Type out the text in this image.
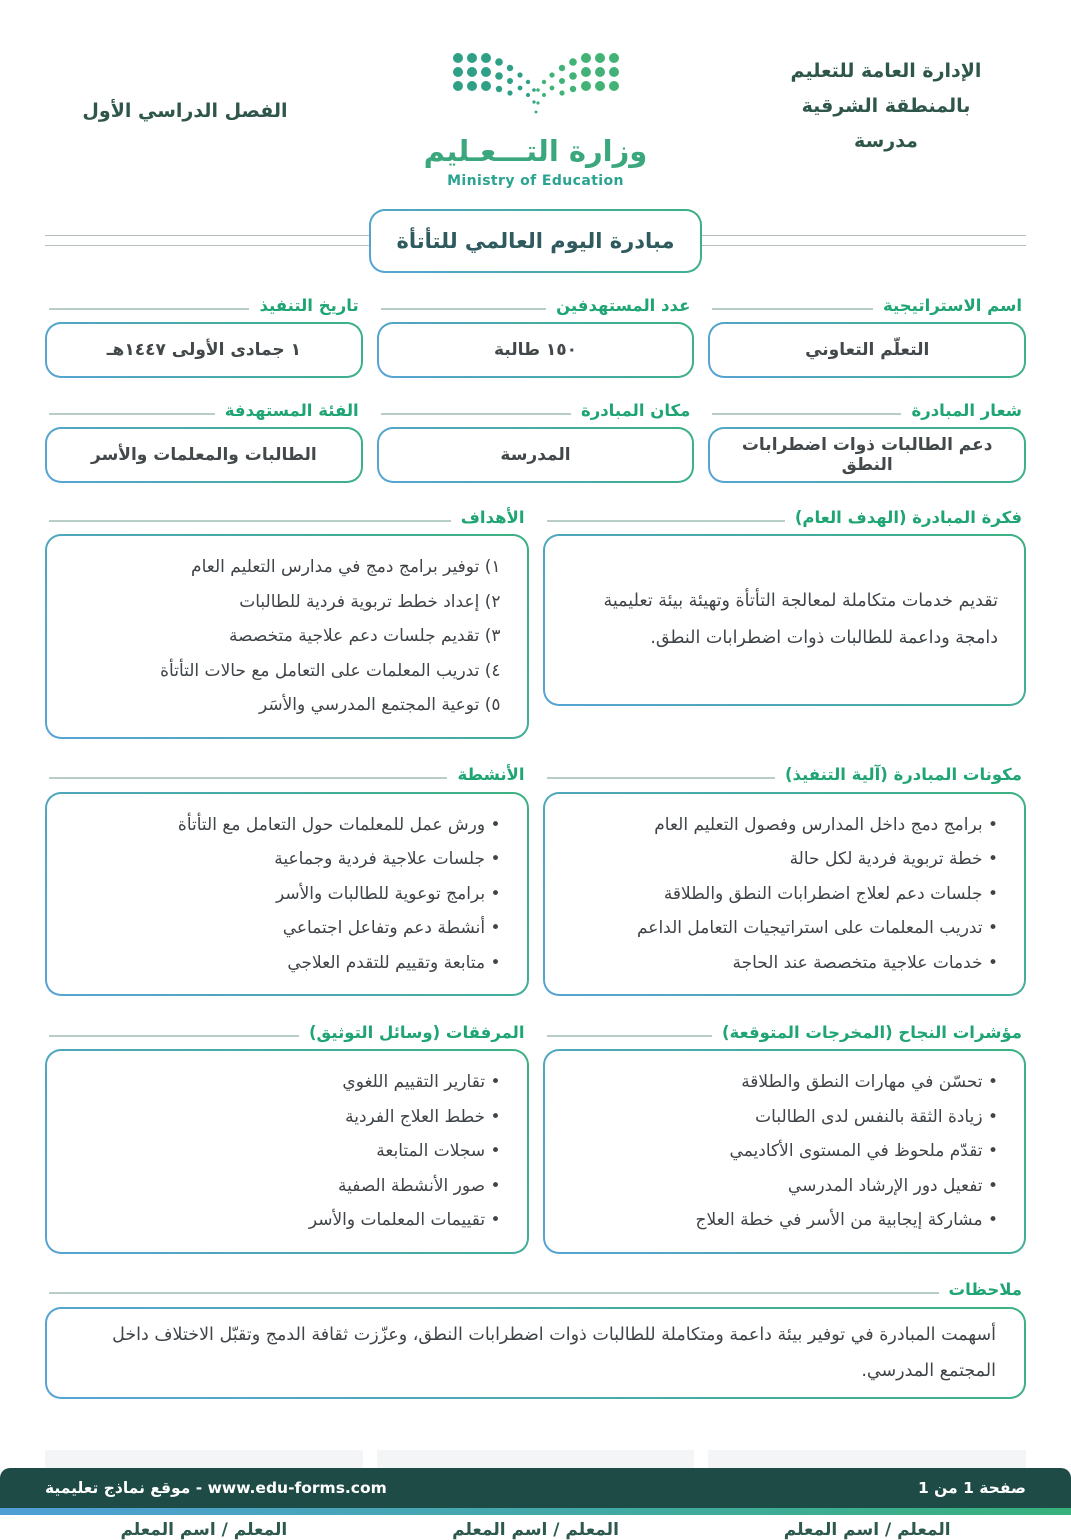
الإدارة العامة للتعليم
بالمنطقة الشرقية
مدرسة
وزارة التـــعـليم
Ministry of Education
الفصل الدراسي الأول
مبادرة اليوم العالمي للتأتأة
اسم الاستراتيجية
التعلّم التعاوني
عدد المستهدفين
١٥٠ طالبة
تاريخ التنفيذ
١ جمادى الأولى ١٤٤٧هـ
شعار المبادرة
دعم الطالبات ذوات اضطرابات النطق
مكان المبادرة
المدرسة
الفئة المستهدفة
الطالبات والمعلمات والأسر
فكرة المبادرة (الهدف العام)
تقديم خدمات متكاملة لمعالجة التأتأة وتهيئة بيئة تعليمية دامجة وداعمة للطالبات ذوات اضطرابات النطق.
الأهداف
١) توفير برامج دمج في مدارس التعليم العام
٢) إعداد خطط تربوية فردية للطالبات
٣) تقديم جلسات دعم علاجية متخصصة
٤) تدريب المعلمات على التعامل مع حالات التأتأة
٥) توعية المجتمع المدرسي والأسَر
مكونات المبادرة (آلية التنفيذ)
• برامج دمج داخل المدارس وفصول التعليم العام
• خطة تربوية فردية لكل حالة
• جلسات دعم لعلاج اضطرابات النطق والطلاقة
• تدريب المعلمات على استراتيجيات التعامل الداعم
• خدمات علاجية متخصصة عند الحاجة
الأنشطة
• ورش عمل للمعلمات حول التعامل مع التأتأة
• جلسات علاجية فردية وجماعية
• برامج توعوية للطالبات والأسر
• أنشطة دعم وتفاعل اجتماعي
• متابعة وتقييم للتقدم العلاجي
مؤشرات النجاح (المخرجات المتوقعة)
• تحسّن في مهارات النطق والطلاقة
• زيادة الثقة بالنفس لدى الطالبات
• تقدّم ملحوظ في المستوى الأكاديمي
• تفعيل دور الإرشاد المدرسي
• مشاركة إيجابية من الأسر في خطة العلاج
المرفقات (وسائل التوثيق)
• تقارير التقييم اللغوي
• خطط العلاج الفردية
• سجلات المتابعة
• صور الأنشطة الصفية
• تقييمات المعلمات والأسر
ملاحظات
أسهمت المبادرة في توفير بيئة داعمة ومتكاملة للطالبات ذوات اضطرابات النطق، وعزّزت ثقافة الدمج وتقبّل الاختلاف داخل المجتمع المدرسي.
المعلم / اسم المعلم
المعلم / اسم المعلم
المعلم / اسم المعلم
صفحة 1 من 1
www.edu-forms.com - موقع نماذج تعليمية
